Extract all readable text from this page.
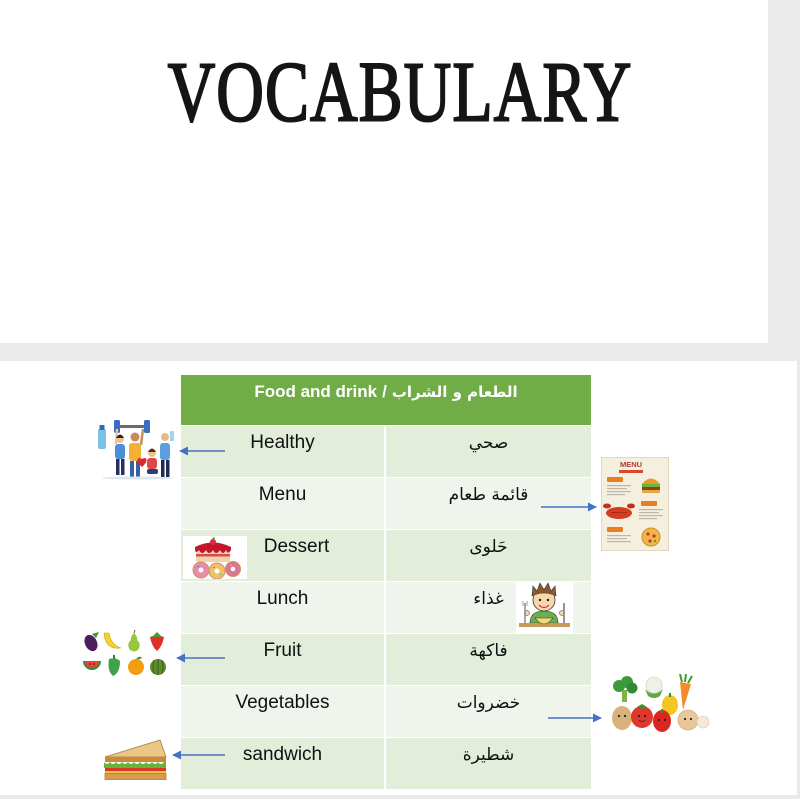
VOCABULARY
Food and drink / الطعام و الشراب
Healthy	صحي
Menu	قائمة طعام
Dessert	حَلوى
Lunch	غذاء
Fruit	فاكهة
Vegetables	خضروات
sandwich	شطيرة
MENU
